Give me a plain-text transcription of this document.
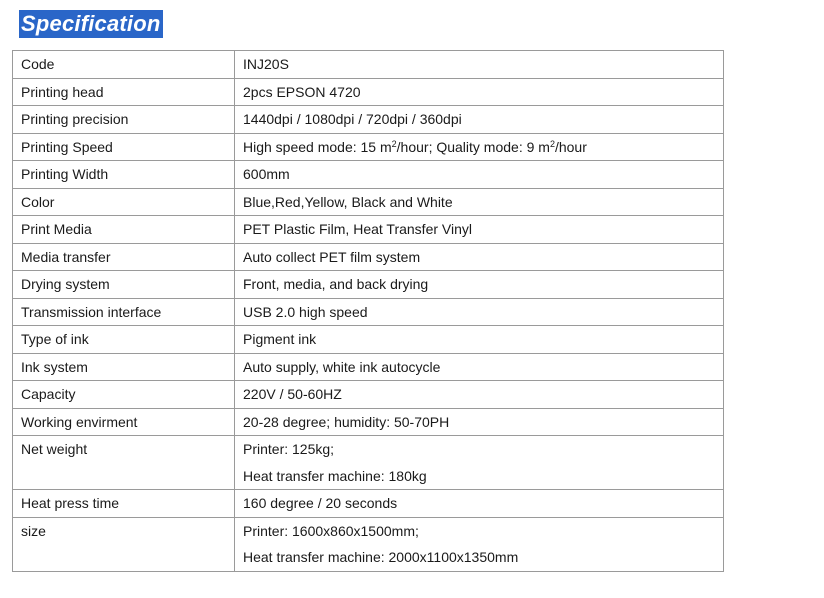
Specification
Code	INJ20S
Printing head	2pcs EPSON 4720
Printing precision	1440dpi / 1080dpi / 720dpi / 360dpi
Printing Speed	High speed mode: 15 $m^2$/hour; Quality mode: 9 $m^2$/hour
Printing Width	600mm
Color	Blue,Red,Yellow, Black and White
Print Media	PET Plastic Film, Heat Transfer Vinyl
Media transfer	Auto collect PET film system
Drying system	Front, media, and back drying
Transmission interface	USB 2.0 high speed
Type of ink	Pigment ink
Ink system	Auto supply, white ink autocycle
Capacity	220V / 50-60HZ
Working envirment	20-28 degree; humidity: 50-70PH
Net weight	Printer: 125kg;
Heat transfer machine: 180kg

Heat press time	160 degree / 20 seconds
size	Printer: 1600x860x1500mm;
Heat transfer machine: 2000x1100x1350mm
